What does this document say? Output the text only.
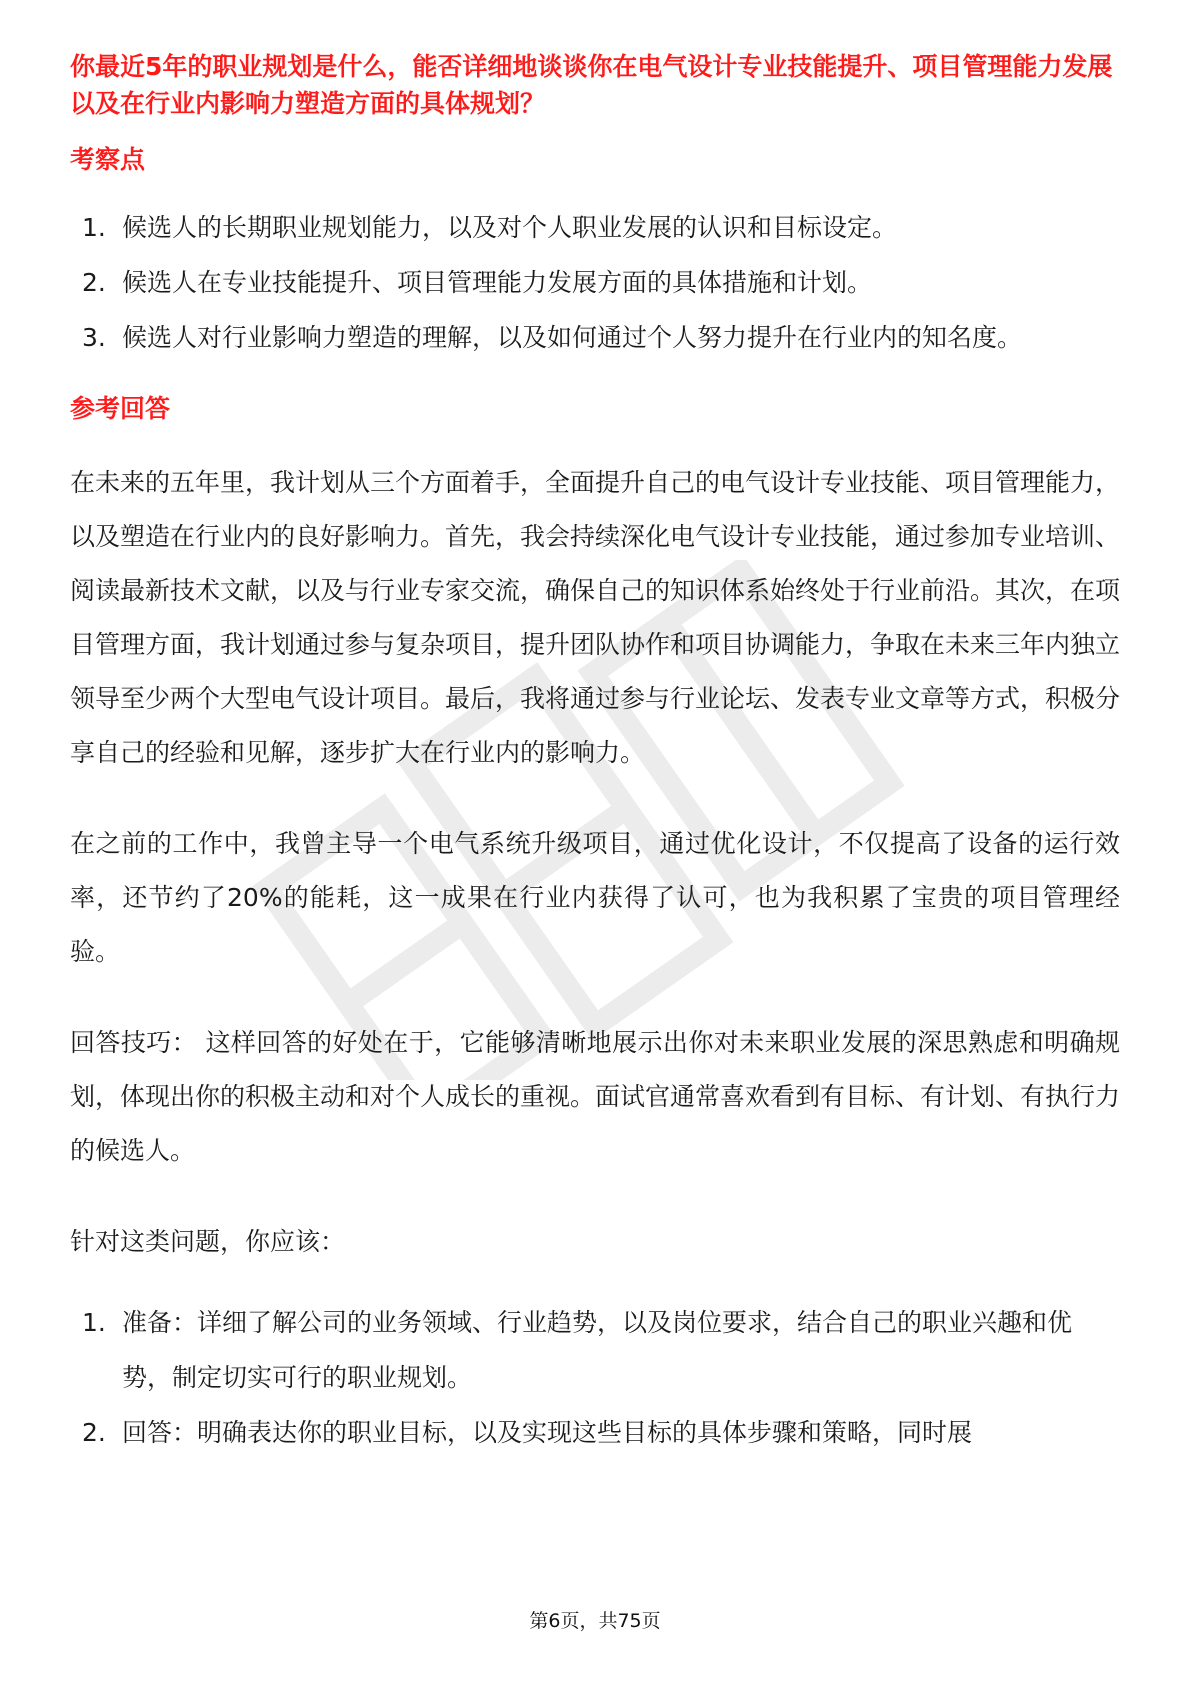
你最近5年的职业规划是什么，能否详细地谈谈你在电气设计专业技能提升、项目管理能力发展以及在行业内影响力塑造方面的具体规划？

考察点

1. 候选人的长期职业规划能力，以及对个人职业发展的认识和目标设定。
2. 候选人在专业技能提升、项目管理能力发展方面的具体措施和计划。
3. 候选人对行业影响力塑造的理解，以及如何通过个人努力提升在行业内的知名度。

参考回答

在未来的五年里，我计划从三个方面着手，全面提升自己的电气设计专业技能、项目管理能力，以及塑造在行业内的良好影响力。首先，我会持续深化电气设计专业技能，通过参加专业培训、阅读最新技术文献，以及与行业专家交流，确保自己的知识体系始终处于行业前沿。其次，在项目管理方面，我计划通过参与复杂项目，提升团队协作和项目协调能力，争取在未来三年内独立领导至少两个大型电气设计项目。最后，我将通过参与行业论坛、发表专业文章等方式，积极分享自己的经验和见解，逐步扩大在行业内的影响力。

在之前的工作中，我曾主导一个电气系统升级项目，通过优化设计，不仅提高了设备的运行效率，还节约了20%的能耗，这一成果在行业内获得了认可，也为我积累了宝贵的项目管理经验。

回答技巧： 这样回答的好处在于，它能够清晰地展示出你对未来职业发展的深思熟虑和明确规划，体现出你的积极主动和对个人成长的重视。面试官通常喜欢看到有目标、有计划、有执行力的候选人。

针对这类问题，你应该：

1. 准备：详细了解公司的业务领域、行业趋势，以及岗位要求，结合自己的职业兴趣和优势，制定切实可行的职业规划。
2. 回答：明确表达你的职业目标，以及实现这些目标的具体步骤和策略，同时展
第6页，共75页
